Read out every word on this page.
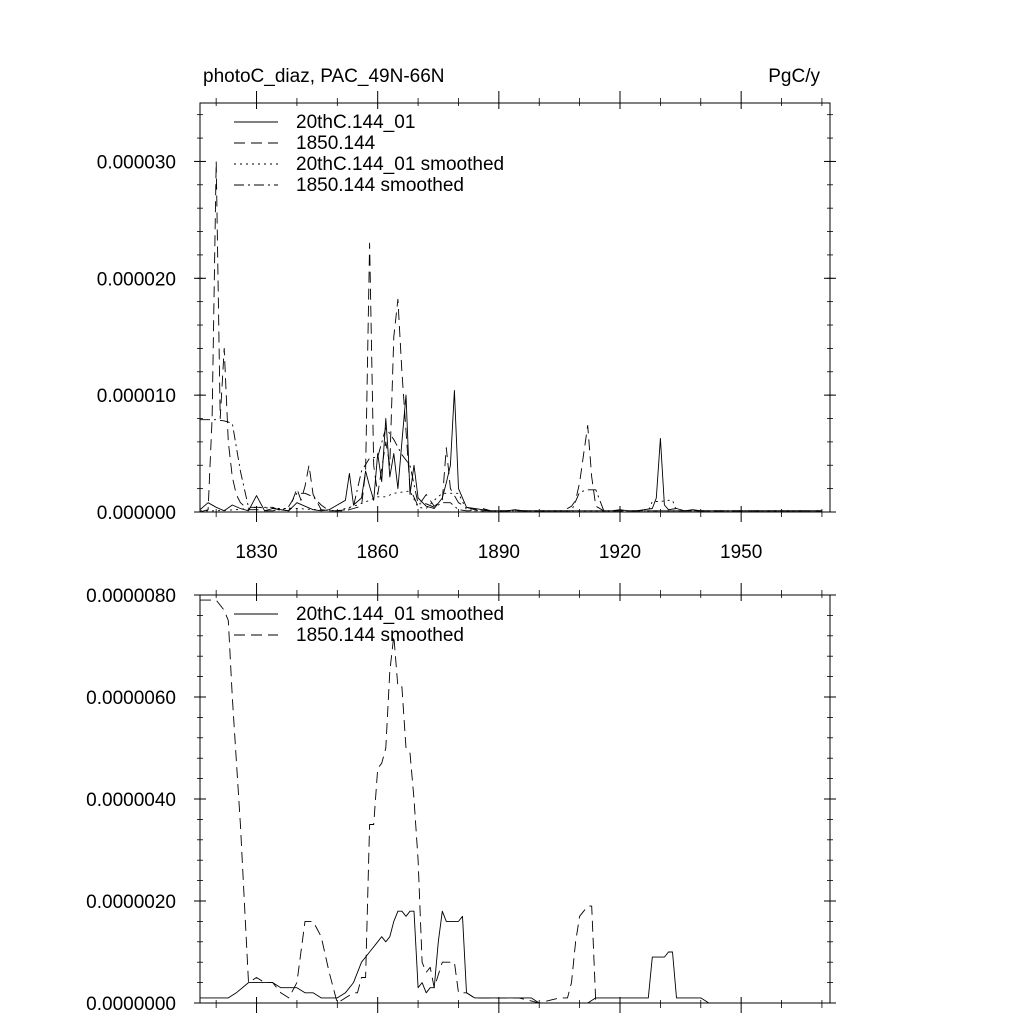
photoC_diaz, PAC_49N-66N	PgC/y
0.000000
0.000010
0.000020
0.000030
1830	1860	1890	1920	1950
20thC.144_01
1850.144
20thC.144_01 smoothed
1850.144 smoothed
0.0000000
0.0000020
0.0000040
0.0000060
0.0000080
20thC.144_01 smoothed
1850.144 smoothed
